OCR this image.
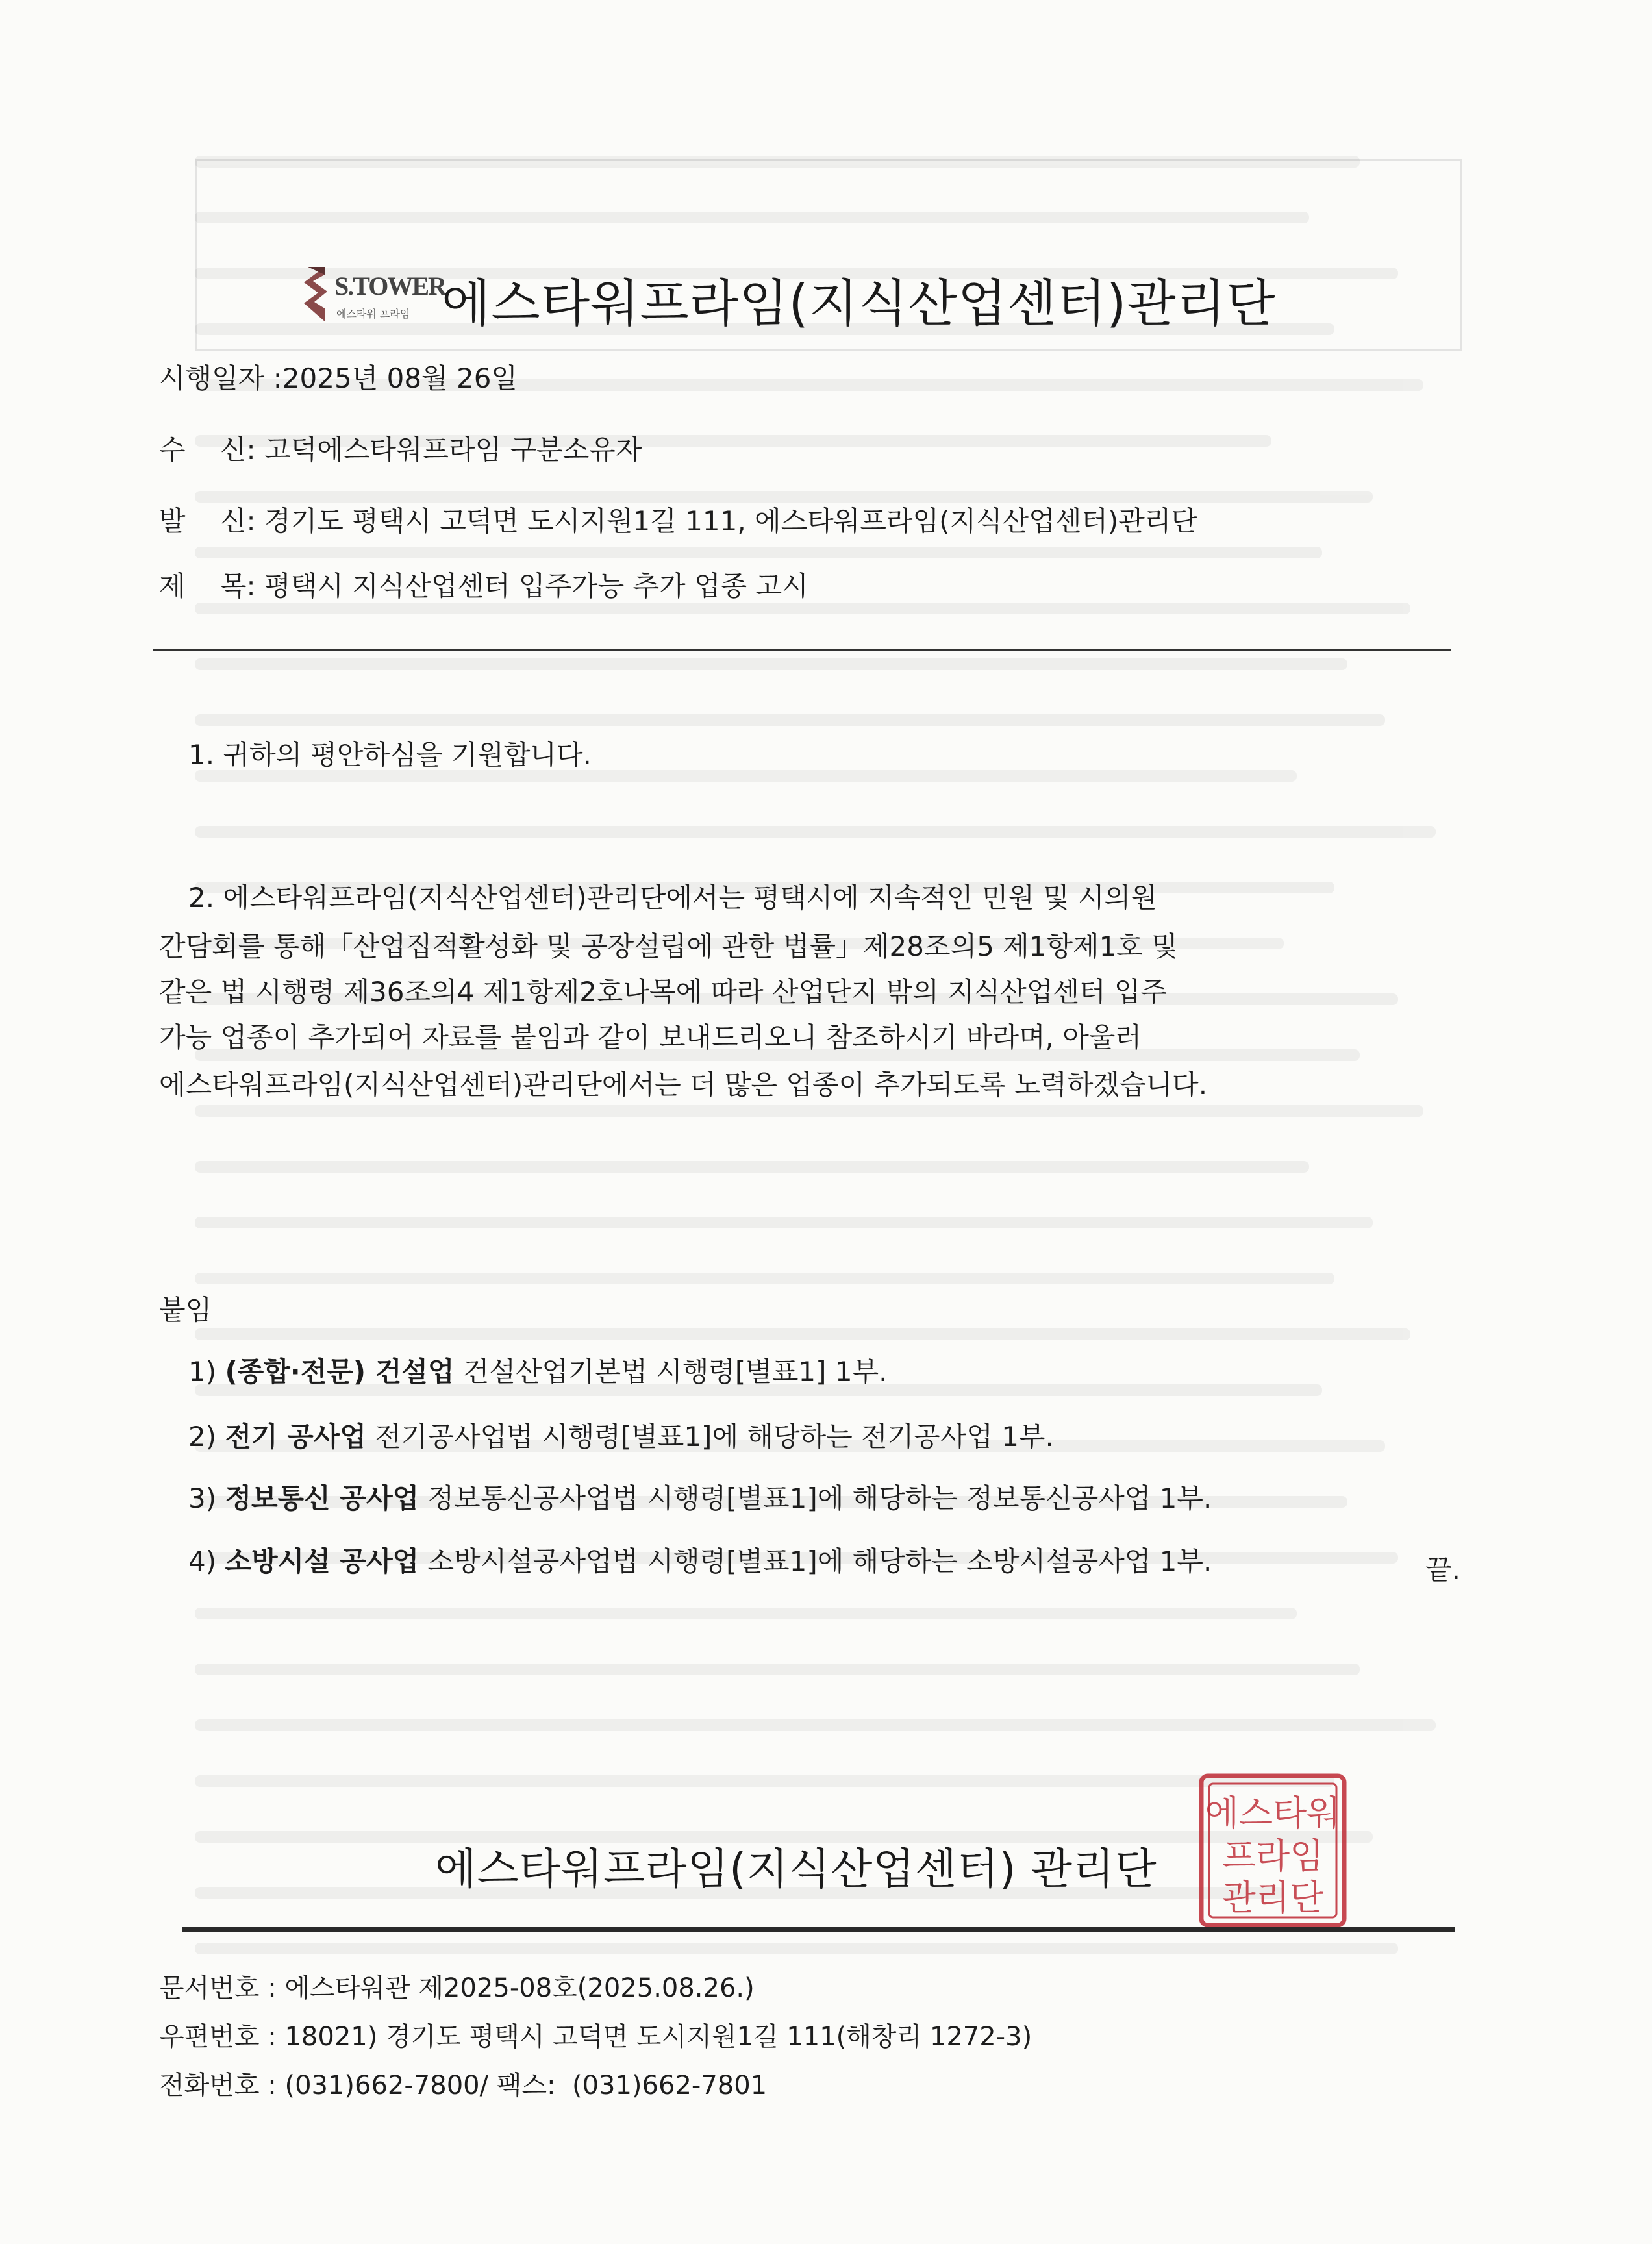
S.TOWER
에스타워 프라임 에스타워프라임(지식산업센터)관리단
시행일자 :2025년 08월 26일
수    신: 고덕에스타워프라임 구분소유자
발    신: 경기도 평택시 고덕면 도시지원1길 111, 에스타워프라임(지식산업센터)관리단
제    목: 평택시 지식산업센터 입주가능 추가 업종 고시
1. 귀하의 평안하심을 기원합니다.
2. 에스타워프라임(지식산업센터)관리단에서는 평택시에 지속적인 민원 및 시의원
간담회를 통해「산업집적활성화 및 공장설립에 관한 법률」제28조의5 제1항제1호 및
같은 법 시행령 제36조의4 제1항제2호나목에 따라 산업단지 밖의 지식산업센터 입주
가능 업종이 추가되어 자료를 붙임과 같이 보내드리오니 참조하시기 바라며, 아울러
에스타워프라임(지식산업센터)관리단에서는 더 많은 업종이 추가되도록 노력하겠습니다.
붙임
1) (종합·전문) 건설업 건설산업기본법 시행령[별표1] 1부.
2) 전기 공사업 전기공사업법 시행령[별표1]에 해당하는 전기공사업 1부.
3) 정보통신 공사업 정보통신공사업법 시행령[별표1]에 해당하는 정보통신공사업 1부.
4) 소방시설 공사업 소방시설공사업법 시행령[별표1]에 해당하는 소방시설공사업 1부.	끝.
에스타워프라임(지식산업센터) 관리단
에스타워
프라임
관리단
문서번호 : 에스타워관 제2025-08호(2025.08.26.)
우편번호 : 18021) 경기도 평택시 고덕면 도시지원1길 111(해창리 1272-3)
전화번호 : (031)662-7800/ 팩스:  (031)662-7801
